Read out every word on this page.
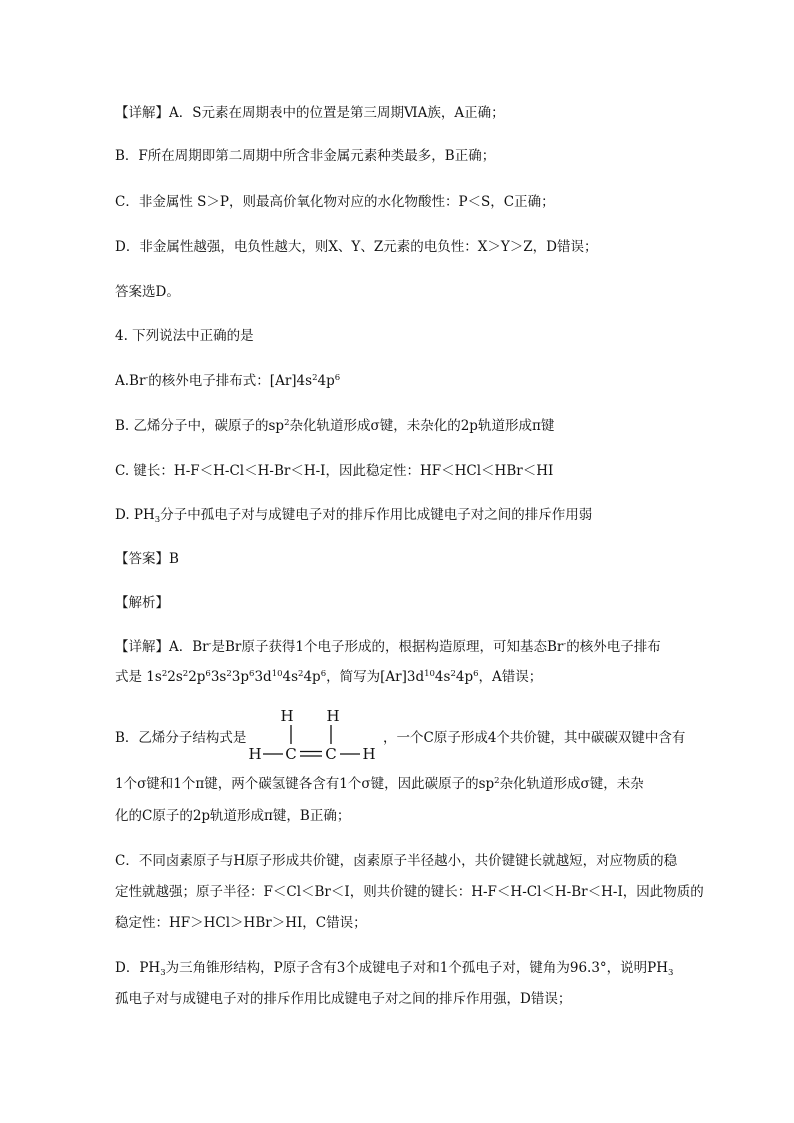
【详解】A．S元素在周期表中的位置是第三周期ⅥA族，A正确；
B．F所在周期即第二周期中所含非金属元素种类最多，B正确；
C．非金属性 S＞P，则最高价氧化物对应的水化物酸性：P＜S，C正确；
D．非金属性越强，电负性越大，则X、Y、Z元素的电负性：X＞Y＞Z，D错误；
答案选D。
4. 下列说法中正确的是
A.Br-的核外电子排布式：$[Ar]4s^24p^6$
B. 乙烯分子中，碳原子的$sp^2$杂化轨道形成σ键，未杂化的2p轨道形成π键
C. 键长：H-F＜H-Cl＜H-Br＜H-I，因此稳定性：HF＜HCl＜HBr＜HI
D. $PH_3$分子中孤电子对与成键电子对的排斥作用比成键电子对之间的排斥作用弱
【答案】B
【解析】
【详解】A．Br-是Br原子获得1个电子形成的，根据构造原理，可知基态Br-的核外电子排布
式是 $1s^22s^22p^63s^23p^63d^{10}4s^24p^6$，简写为$[Ar]3d^{10}4s^24p^6$，A错误；
B．乙烯分子结构式是
H H
H C C H
，一个C原子形成4个共价键，其中碳碳双键中含有
1个σ键和1个π键，两个碳氢键各含有1个σ键，因此碳原子的$sp^2$杂化轨道形成σ键，未杂
化的C原子的2p轨道形成π键，B正确；
C．不同卤素原子与H原子形成共价键，卤素原子半径越小，共价键键长就越短，对应物质的稳
定性就越强；原子半径：F＜Cl＜Br＜I，则共价键的键长：H-F＜H-Cl＜H-Br＜H-I，因此物质的
稳定性：HF＞HCl＞HBr＞HI，C错误；
D．$PH_3$为三角锥形结构，P原子含有3个成键电子对和1个孤电子对，键角为96.3°，说明$PH_3$
孤电子对与成键电子对的排斥作用比成键电子对之间的排斥作用强，D错误；
